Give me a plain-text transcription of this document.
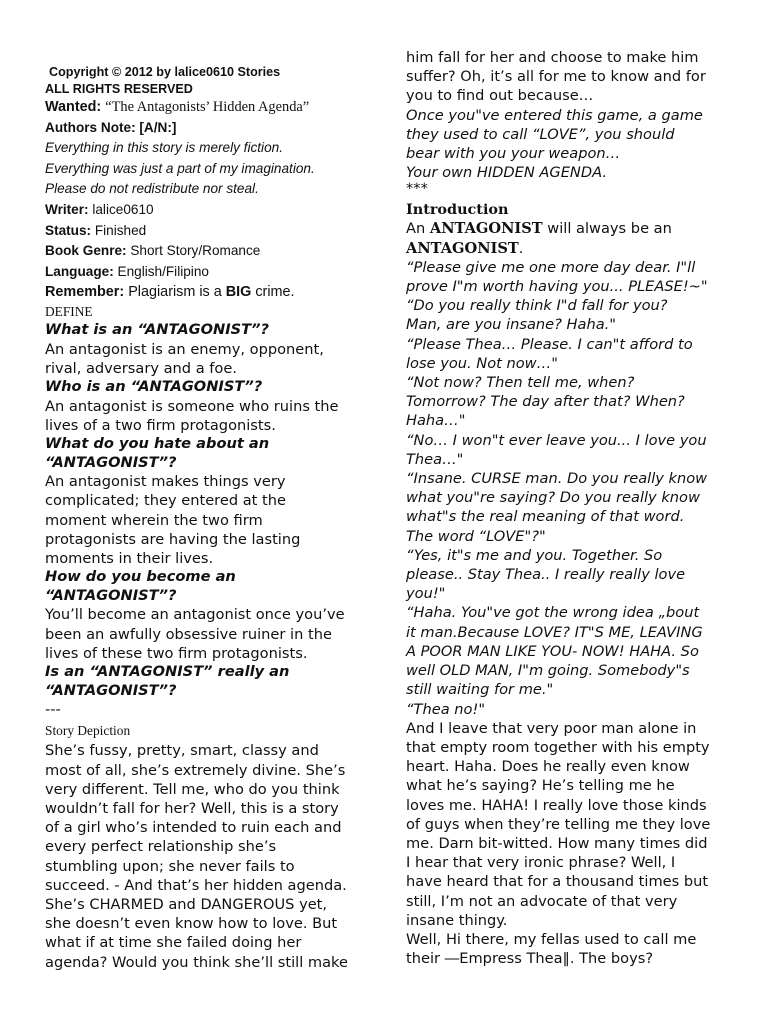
Copyright © 2012 by lalice0610 Stories

ALL RIGHTS RESERVED

Wanted: “The Antagonists’ Hidden Agenda”

Authors Note: [A/N:]

Everything in this story is merely fiction.

Everything was just a part of my imagination.

Please do not redistribute nor steal.

Writer: lalice0610

Status: Finished

Book Genre: Short Story/Romance

Language: English/Filipino

Remember: Plagiarism is a BIG crime.

DEFINE

What is an “ANTAGONIST”?

An antagonist is an enemy, opponent,

rival, adversary and a foe.

Who is an “ANTAGONIST”?

An antagonist is someone who ruins the

lives of a two firm protagonists.

What do you hate about an

“ANTAGONIST”?

An antagonist makes things very

complicated; they entered at the

moment wherein the two firm

protagonists are having the lasting

moments in their lives.

How do you become an

“ANTAGONIST”?

You’ll become an antagonist once you’ve

been an awfully obsessive ruiner in the

lives of these two firm protagonists.

Is an “ANTAGONIST” really an

“ANTAGONIST”?

---

Story Depiction

She’s fussy, pretty, smart, classy and

most of all, she’s extremely divine. She’s

very different. Tell me, who do you think

wouldn’t fall for her? Well, this is a story

of a girl who’s intended to ruin each and

every perfect relationship she’s

stumbling upon; she never fails to

succeed. - And that’s her hidden agenda.

She’s CHARMED and DANGEROUS yet,

she doesn’t even know how to love. But

what if at time she failed doing her

agenda? Would you think she’ll still make

him fall for her and choose to make him

suffer? Oh, it’s all for me to know and for

you to find out because…

Once you"ve entered this game, a game

they used to call “LOVE”, you should

bear with you your weapon…

Your own HIDDEN AGENDA.

***

Introduction

An ANTAGONIST will always be an

ANTAGONIST.

“Please give me one more day dear. I"ll

prove I"m worth having you... PLEASE!~"

“Do you really think I"d fall for you?

Man, are you insane? Haha."

“Please Thea… Please. I can"t afford to

lose you. Not now…"

“Not now? Then tell me, when?

Tomorrow? The day after that? When?

Haha…"

“No… I won"t ever leave you... I love you

Thea…"

“Insane. CURSE man. Do you really know

what you"re saying? Do you really know

what"s the real meaning of that word.

The word “LOVE"?"

“Yes, it"s me and you. Together. So

please.. Stay Thea.. I really really love

you!"

“Haha. You"ve got the wrong idea „bout

it man.Because LOVE? IT"S ME, LEAVING

A POOR MAN LIKE YOU- NOW! HAHA. So

well OLD MAN, I"m going. Somebody"s

still waiting for me."

“Thea no!"

And I leave that very poor man alone in

that empty room together with his empty

heart. Haha. Does he really even know

what he’s saying? He’s telling me he

loves me. HAHA! I really love those kinds

of guys when they’re telling me they love

me. Darn bit-witted. How many times did

I hear that very ironic phrase? Well, I

have heard that for a thousand times but

still, I’m not an advocate of that very

insane thingy.

Well, Hi there, my fellas used to call me

their ―Empress Thea‖. The boys?
